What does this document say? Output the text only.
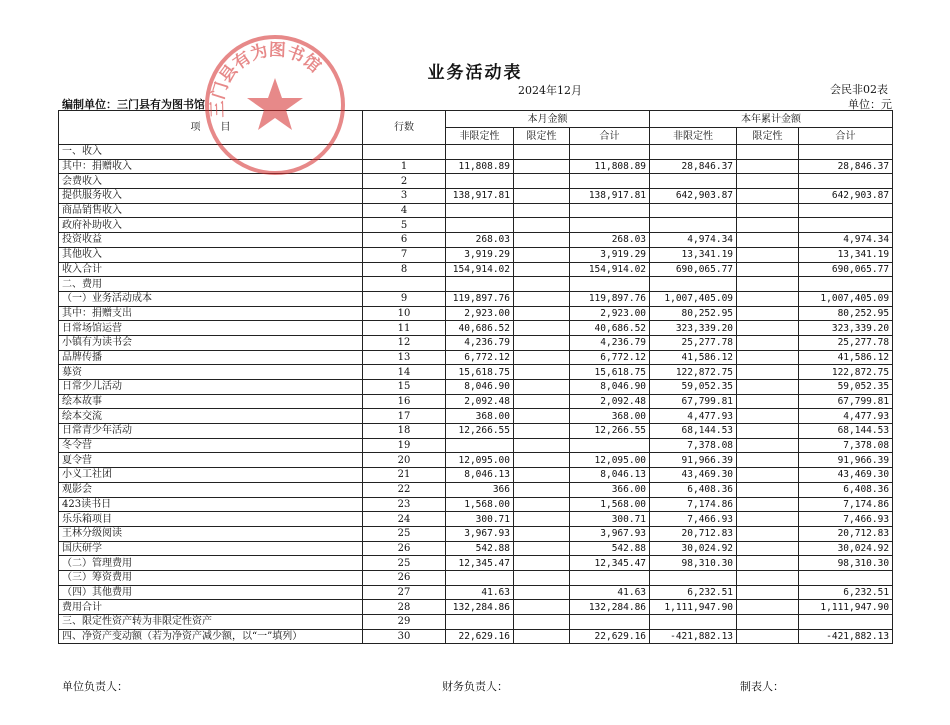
业务活动表
2024年12月	会民非02表
编制单位：三门县有为图书馆	单位：元
项　　目	行数	本月金额			本年累计金额		
		非限定性	限定性	合计	非限定性	限定性	合计
一、收入							
其中：捐赠收入	1	11,808.89		11,808.89	28,846.37		28,846.37
会费收入	2						
提供服务收入	3	138,917.81		138,917.81	642,903.87		642,903.87
商品销售收入	4						
政府补助收入	5						
投资收益	6	268.03		268.03	4,974.34		4,974.34
其他收入	7	3,919.29		3,919.29	13,341.19		13,341.19
收入合计	8	154,914.02		154,914.02	690,065.77		690,065.77
二、费用							
（一）业务活动成本	9	119,897.76		119,897.76	1,007,405.09		1,007,405.09
其中：捐赠支出	10	2,923.00		2,923.00	80,252.95		80,252.95
日常场馆运营	11	40,686.52		40,686.52	323,339.20		323,339.20
小镇有为读书会	12	4,236.79		4,236.79	25,277.78		25,277.78
品牌传播	13	6,772.12		6,772.12	41,586.12		41,586.12
募资	14	15,618.75		15,618.75	122,872.75		122,872.75
日常少儿活动	15	8,046.90		8,046.90	59,052.35		59,052.35
绘本故事	16	2,092.48		2,092.48	67,799.81		67,799.81
绘本交流	17	368.00		368.00	4,477.93		4,477.93
日常青少年活动	18	12,266.55		12,266.55	68,144.53		68,144.53
冬令营	19				7,378.08		7,378.08
夏令营	20	12,095.00		12,095.00	91,966.39		91,966.39
小义工社团	21	8,046.13		8,046.13	43,469.30		43,469.30
观影会	22	366		366.00	6,408.36		6,408.36
423读书日	23	1,568.00		1,568.00	7,174.86		7,174.86
乐乐箱项目	24	300.71		300.71	7,466.93		7,466.93
王林分级阅读	25	3,967.93		3,967.93	20,712.83		20,712.83
国庆研学	26	542.88		542.88	30,024.92		30,024.92
（二）管理费用	25	12,345.47		12,345.47	98,310.30		98,310.30
（三）筹资费用	26						
（四）其他费用	27	41.63		41.63	6,232.51		6,232.51
费用合计	28	132,284.86		132,284.86	1,111,947.90		1,111,947.90
三、限定性资产转为非限定性资产	29						
四、净资产变动额（若为净资产减少额，以“一”填列）	30	22,629.16		22,629.16	-421,882.13		-421,882.13
三门县有为图书馆
单位负责人：	财务负责人：	制表人：
